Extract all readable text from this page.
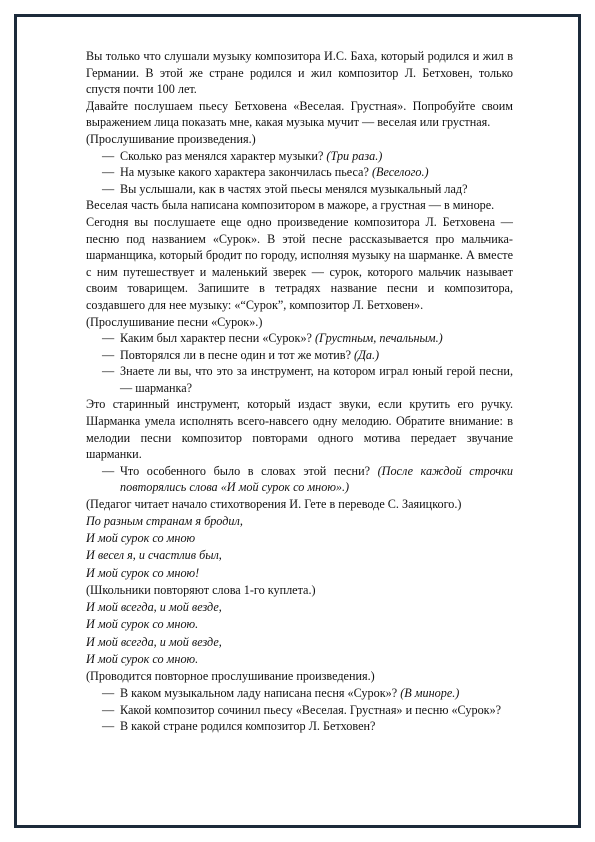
Вы только что слушали музыку композитора И.С. Баха, который родился и жил в Германии. В этой же стране родился и жил композитор Л. Бетховен, только спустя почти 100 лет.

Давайте послушаем пьесу Бетховена «Веселая. Грустная». Попробуйте своим выражением лица показать мне, какая музыка мучит — веселая или грустная.

(Прослушивание произведения.)

— Сколько раз менялся характер музыки? (Три раза.)

— На музыке какого характера закончилась пьеса? (Веселого.)

— Вы услышали, как в частях этой пьесы менялся музыкальный лад?

Веселая часть была написана композитором в мажоре, а грустная — в миноре.

Сегодня вы послушаете еще одно произведение композитора Л. Бетховена — песню под названием «Сурок». В этой песне рассказывается про мальчика-шарманщика, который бродит по городу, исполняя музыку на шарманке. А вместе с ним путешествует и маленький зверек — сурок, которого мальчик называет своим товарищем. Запишите в тетрадях название песни и композитора, создавшего для нее музыку: «“Сурок”, композитор Л. Бетховен».

(Прослушивание песни «Сурок».)

— Каким был характер песни «Сурок»? (Грустным, печальным.)

— Повторялся ли в песне один и тот же мотив? (Да.)

— Знаете ли вы, что это за инструмент, на котором играл юный герой песни, — шарманка?

Это старинный инструмент, который издаст звуки, если крутить его ручку. Шарманка умела исполнять всего-навсего одну мелодию. Обратите внимание: в мелодии песни композитор повторами одного мотива передает звучание шарманки.

— Что особенного было в словах этой песни? (После каждой строчки повторялись слова «И мой сурок со мною».)

(Педагог читает начало стихотворения И. Гете в переводе С. Заяицкого.)

По разным странам я бродил,

И мой сурок со мною

И весел я, и счастлив был,

И мой сурок со мною!

(Школьники повторяют слова 1-го куплета.)

И мой всегда, и мой везде,

И мой сурок со мною.

И мой всегда, и мой везде,

И мой сурок со мною.

(Проводится повторное прослушивание произведения.)

— В каком музыкальном ладу написана песня «Сурок»? (В миноре.)

— Какой композитор сочинил пьесу «Веселая. Грустная» и песню «Сурок»?

— В какой стране родился композитор Л. Бетховен?
